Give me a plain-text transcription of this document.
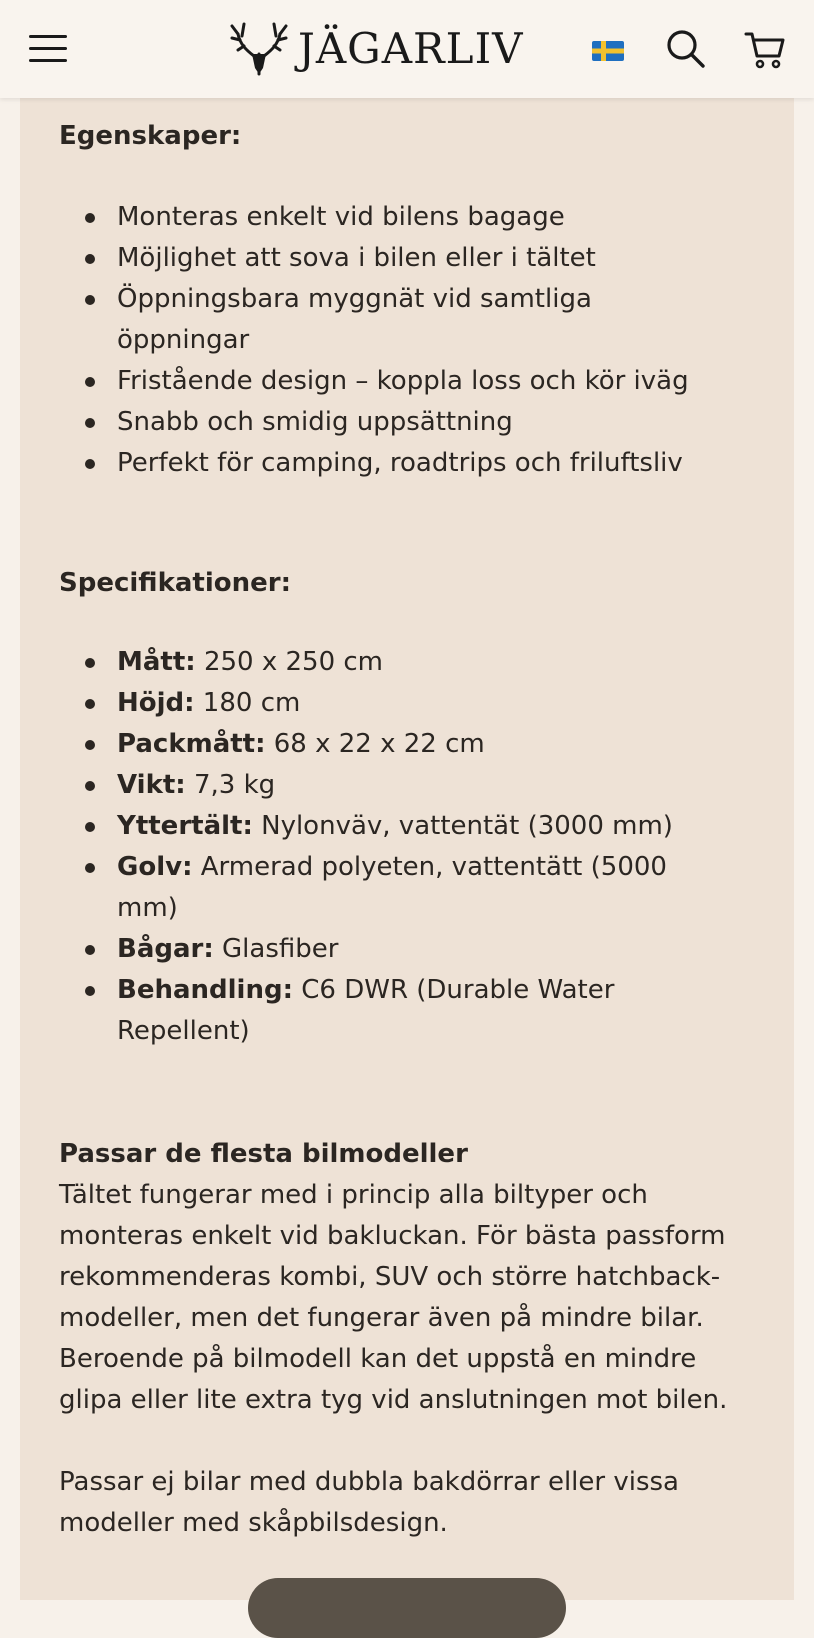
JÄGARLIV

Egenskaper:

Monteras enkelt vid bilens bagage
Möjlighet att sova i bilen eller i tältet
Öppningsbara myggnät vid samtliga öppningar
Fristående design – koppla loss och kör iväg
Snabb och smidig uppsättning
Perfekt för camping, roadtrips och friluftsliv

Specifikationer:

Mått: 250 x 250 cm
Höjd: 180 cm
Packmått: 68 x 22 x 22 cm
Vikt: 7,3 kg
Yttertält: Nylonväv, vattentät (3000 mm)
Golv: Armerad polyeten, vattentätt (5000 mm)
Bågar: Glasfiber
Behandling: C6 DWR (Durable Water Repellent)

Passar de flesta bilmodeller

Tältet fungerar med i princip alla biltyper och monteras enkelt vid bakluckan. För bästa passform rekommenderas kombi, SUV och större hatchback-modeller, men det fungerar även på mindre bilar. Beroende på bilmodell kan det uppstå en mindre glipa eller lite extra tyg vid anslutningen mot bilen.

Passar ej bilar med dubbla bakdörrar eller vissa modeller med skåpbilsdesign.
